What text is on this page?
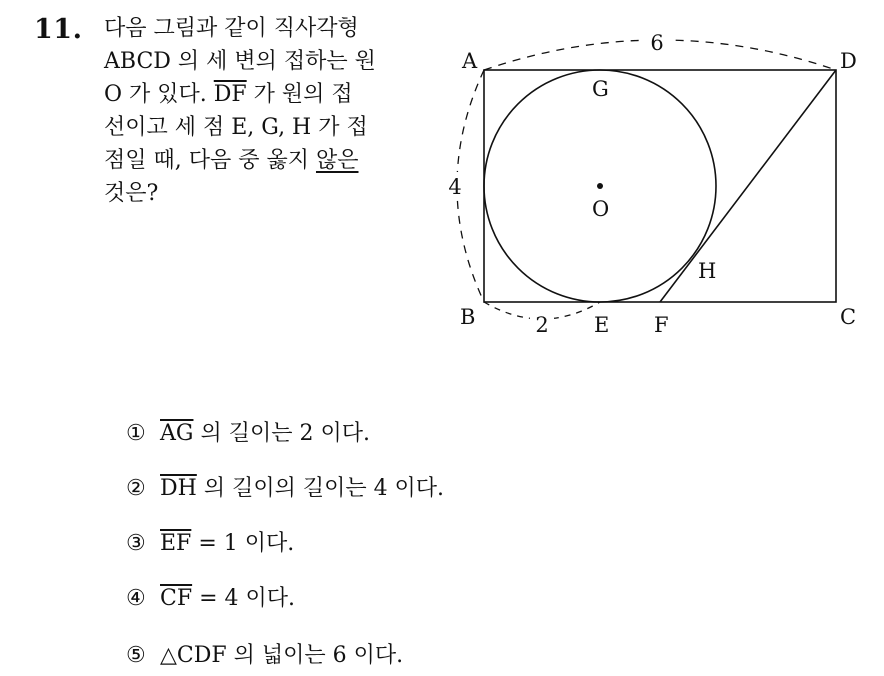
11. 다음 그림과 같이 직사각형
ABCD 의 세 변의 접하는 원
O 가 있다. $\overline{DF}$ 가 원의 접
선이고 세 점 E, G, H 가 접
점일 때, 다음 중 옳지 않은
것은?
6
4
2
A	D
B	C
G
O
H
E F
① $\overline{AG}$ 의 길이는 2 이다.
② $\overline{DH}$ 의 길이의 길이는 4 이다.
③ $\overline{EF} = 1$ 이다.
④ $\overline{CF} = 4$ 이다.
⑤ △CDF 의 넓이는 6 이다.
